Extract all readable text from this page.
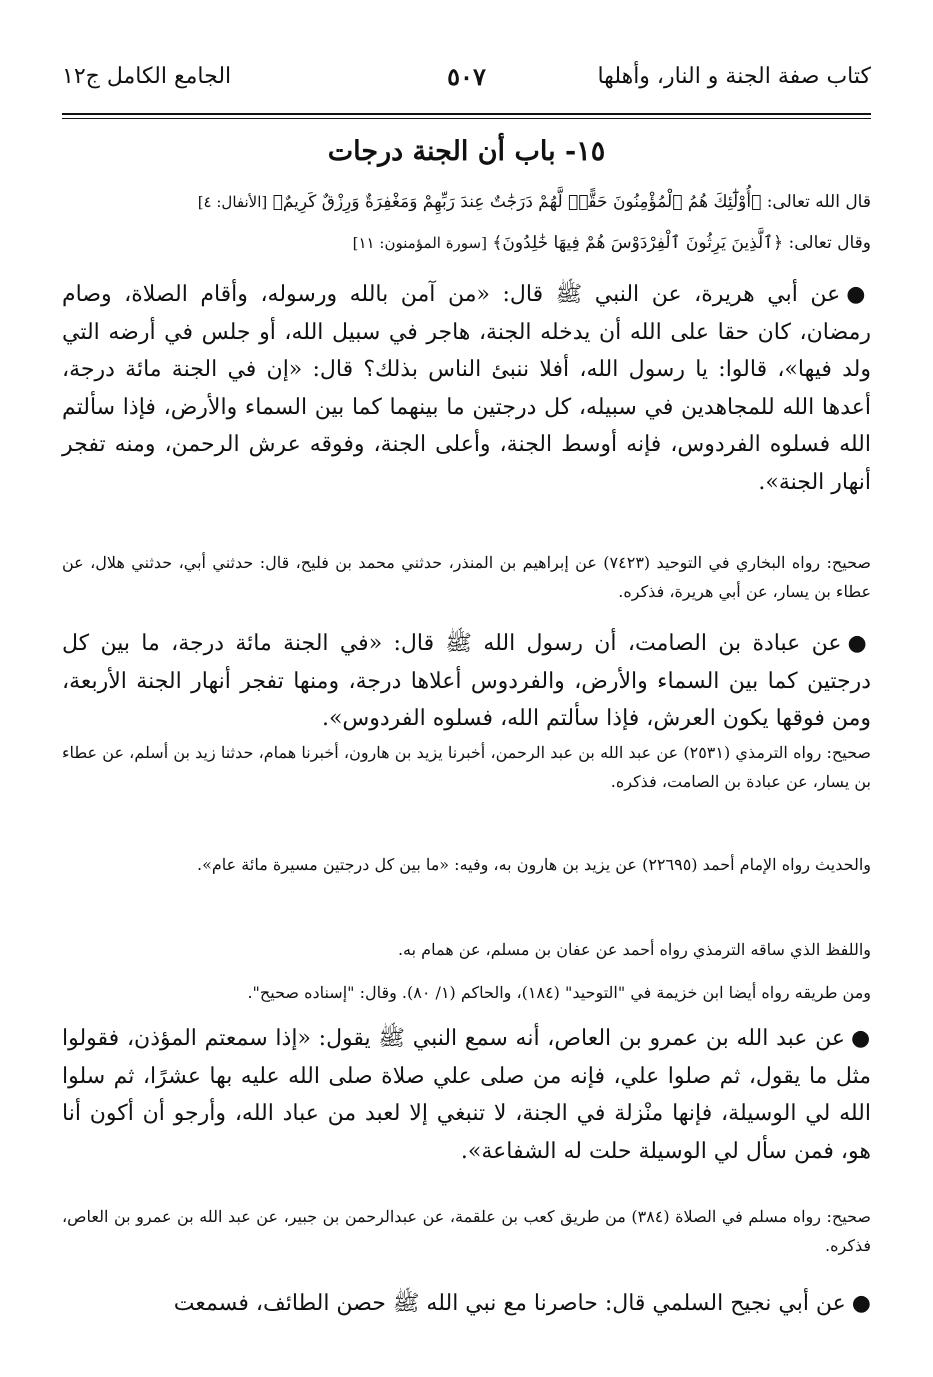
كتاب صفة الجنة و النار، وأهلها
٥٠٧
الجامع الكامل ج١٢
١٥- باب أن الجنة درجات
قال الله تعالى: ﴿أُوْلَٰٓئِكَ هُمُ ٱلْمُؤْمِنُونَ حَقًّاۚ لَّهُمْ دَرَجَٰتٌ عِندَ رَبِّهِمْ وَمَغْفِرَةٌ وَرِزْقٌ كَرِيمٌ﴾ [الأنفال: ٤]
وقال تعالى: ﴿ٱلَّذِينَ يَرِثُونَ ٱلْفِرْدَوْسَ هُمْ فِيهَا خَٰلِدُونَ﴾ [سورة المؤمنون: ١١]
●عن أبي هريرة، عن النبي ﷺ قال: «من آمن بالله ورسوله، وأقام الصلاة، وصام رمضان، كان حقا على الله أن يدخله الجنة، هاجر في سبيل الله، أو جلس في أرضه التي ولد فيها»، قالوا: يا رسول الله، أفلا ننبئ الناس بذلك؟ قال: «إن في الجنة مائة درجة، أعدها الله للمجاهدين في سبيله، كل درجتين ما بينهما كما بين السماء والأرض، فإذا سألتم الله فسلوه الفردوس، فإنه أوسط الجنة، وأعلى الجنة، وفوقه عرش الرحمن، ومنه تفجر أنهار الجنة».
صحيح: رواه البخاري في التوحيد (٧٤٢٣) عن إبراهيم بن المنذر، حدثني محمد بن فليح، قال: حدثني أبي، حدثني هلال، عن عطاء بن يسار، عن أبي هريرة، فذكره.
●عن عبادة بن الصامت، أن رسول الله ﷺ قال: «في الجنة مائة درجة، ما بين كل درجتين كما بين السماء والأرض، والفردوس أعلاها درجة، ومنها تفجر أنهار الجنة الأربعة، ومن فوقها يكون العرش، فإذا سألتم الله، فسلوه الفردوس».
صحيح: رواه الترمذي (٢٥٣١) عن عبد الله بن عبد الرحمن، أخبرنا يزيد بن هارون، أخبرنا همام، حدثنا زيد بن أسلم، عن عطاء بن يسار، عن عبادة بن الصامت، فذكره.
والحديث رواه الإمام أحمد (٢٢٦٩٥) عن يزيد بن هارون به، وفيه: «ما بين كل درجتين مسيرة مائة عام».
واللفظ الذي ساقه الترمذي رواه أحمد عن عفان بن مسلم، عن همام به.
ومن طريقه رواه أيضا ابن خزيمة في "التوحيد" (١٨٤)، والحاكم (١/ ٨٠). وقال: "إسناده صحيح".
●عن عبد الله بن عمرو بن العاص، أنه سمع النبي ﷺ يقول: «إذا سمعتم المؤذن، فقولوا مثل ما يقول، ثم صلوا علي، فإنه من صلى علي صلاة صلى الله عليه بها عشرًا، ثم سلوا الله لي الوسيلة، فإنها منْزلة في الجنة، لا تنبغي إلا لعبد من عباد الله، وأرجو أن أكون أنا هو، فمن سأل لي الوسيلة حلت له الشفاعة».
صحيح: رواه مسلم في الصلاة (٣٨٤) من طريق كعب بن علقمة، عن عبدالرحمن بن جبير، عن عبد الله بن عمرو بن العاص، فذكره.
●عن أبي نجيح السلمي قال: حاصرنا مع نبي الله ﷺ حصن الطائف، فسمعت
